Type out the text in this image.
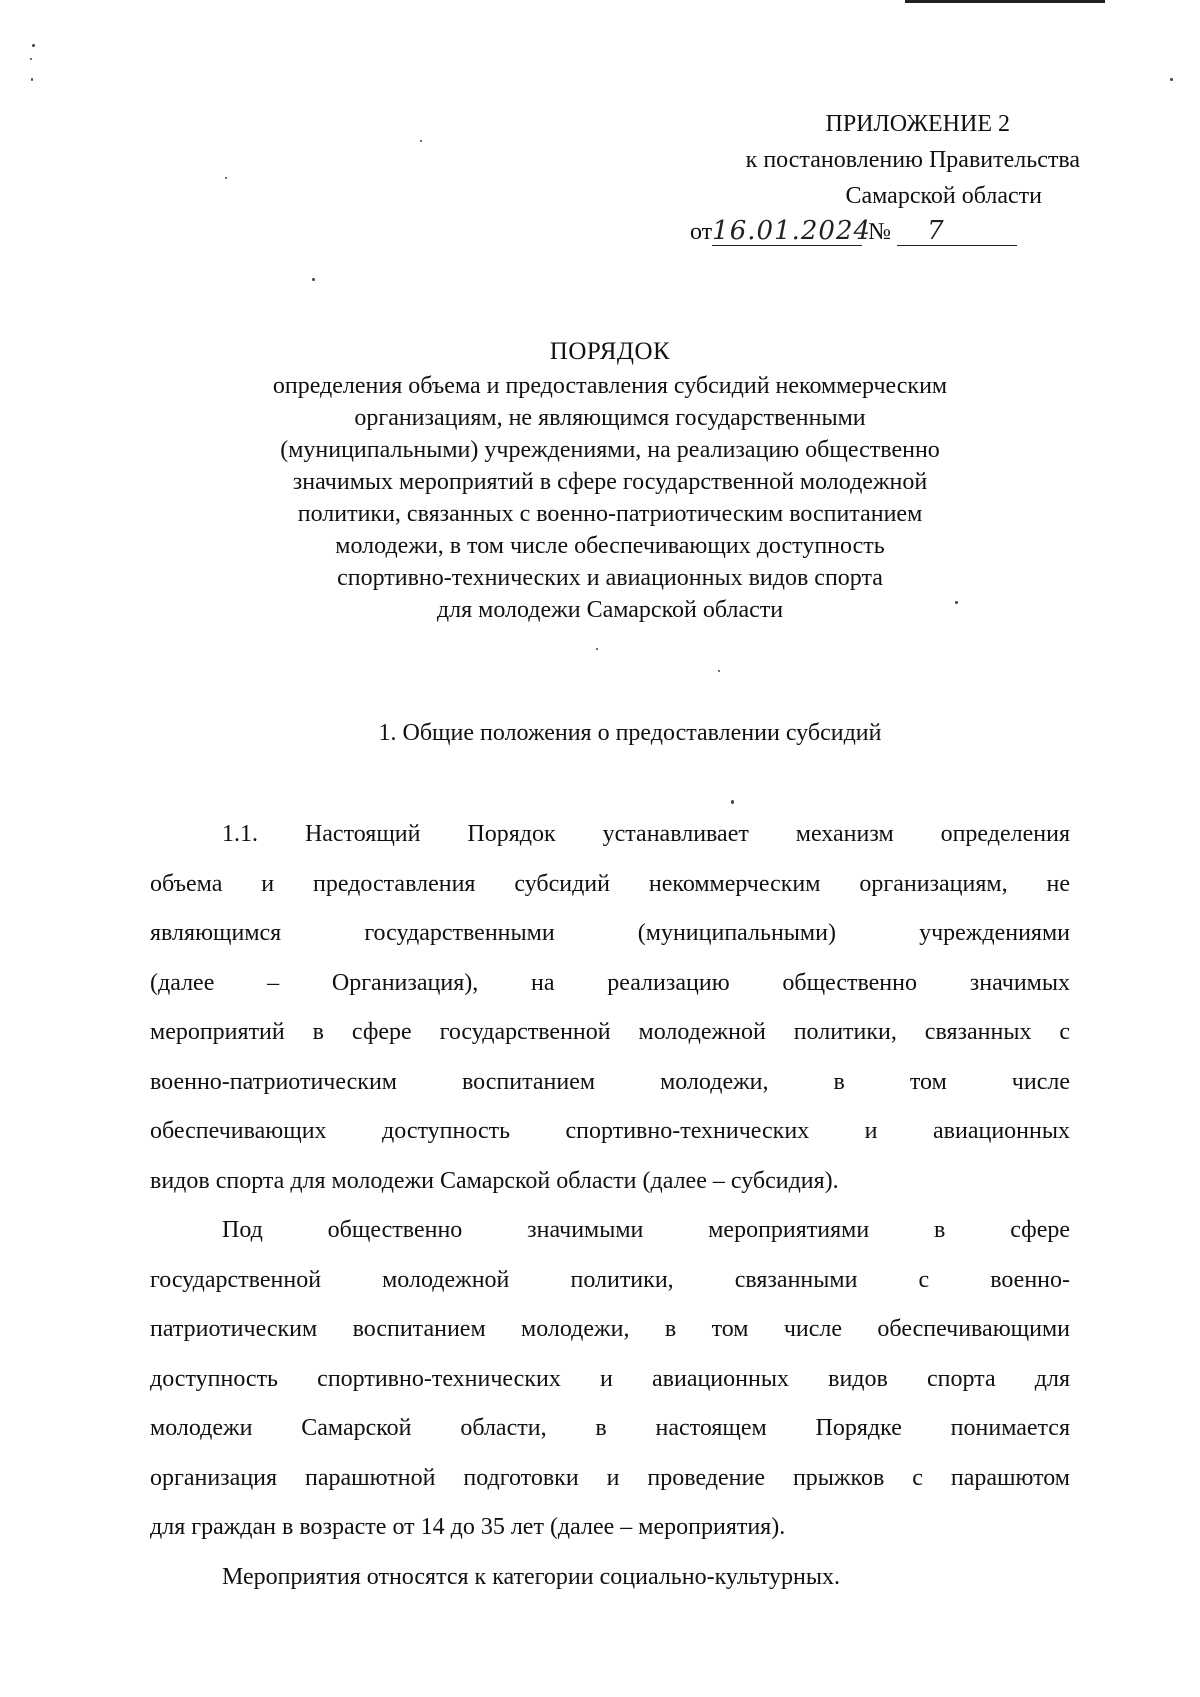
ПРИЛОЖЕНИЕ 2
к постановлению Правительства
Самарской области
от16.01.2024 № 7
ПОРЯДОК
определения объема и предоставления субсидий некоммерческим
организациям, не являющимся государственными
(муниципальными) учреждениями, на реализацию общественно
значимых мероприятий в сфере государственной молодежной
политики, связанных с военно-патриотическим воспитанием
молодежи, в том числе обеспечивающих доступность
спортивно-технических и авиационных видов спорта
для молодежи Самарской области
1. Общие положения о предоставлении субсидий

1.1. Настоящий Порядок устанавливает механизм определения
объема и предоставления субсидий некоммерческим организациям, не
являющимся государственными (муниципальными) учреждениями
(далее – Организация), на реализацию общественно значимых
мероприятий в сфере государственной молодежной политики, связанных с
военно-патриотическим воспитанием молодежи, в том числе
обеспечивающих доступность спортивно-технических и авиационных
видов спорта для молодежи Самарской области (далее – субсидия).

Под общественно значимыми мероприятиями в сфере
государственной молодежной политики, связанными с военно-
патриотическим воспитанием молодежи, в том числе обеспечивающими
доступность спортивно-технических и авиационных видов спорта для
молодежи Самарской области, в настоящем Порядке понимается
организация парашютной подготовки и проведение прыжков с парашютом
для граждан в возрасте от 14 до 35 лет (далее – мероприятия).

Мероприятия относятся к категории социально-культурных.
